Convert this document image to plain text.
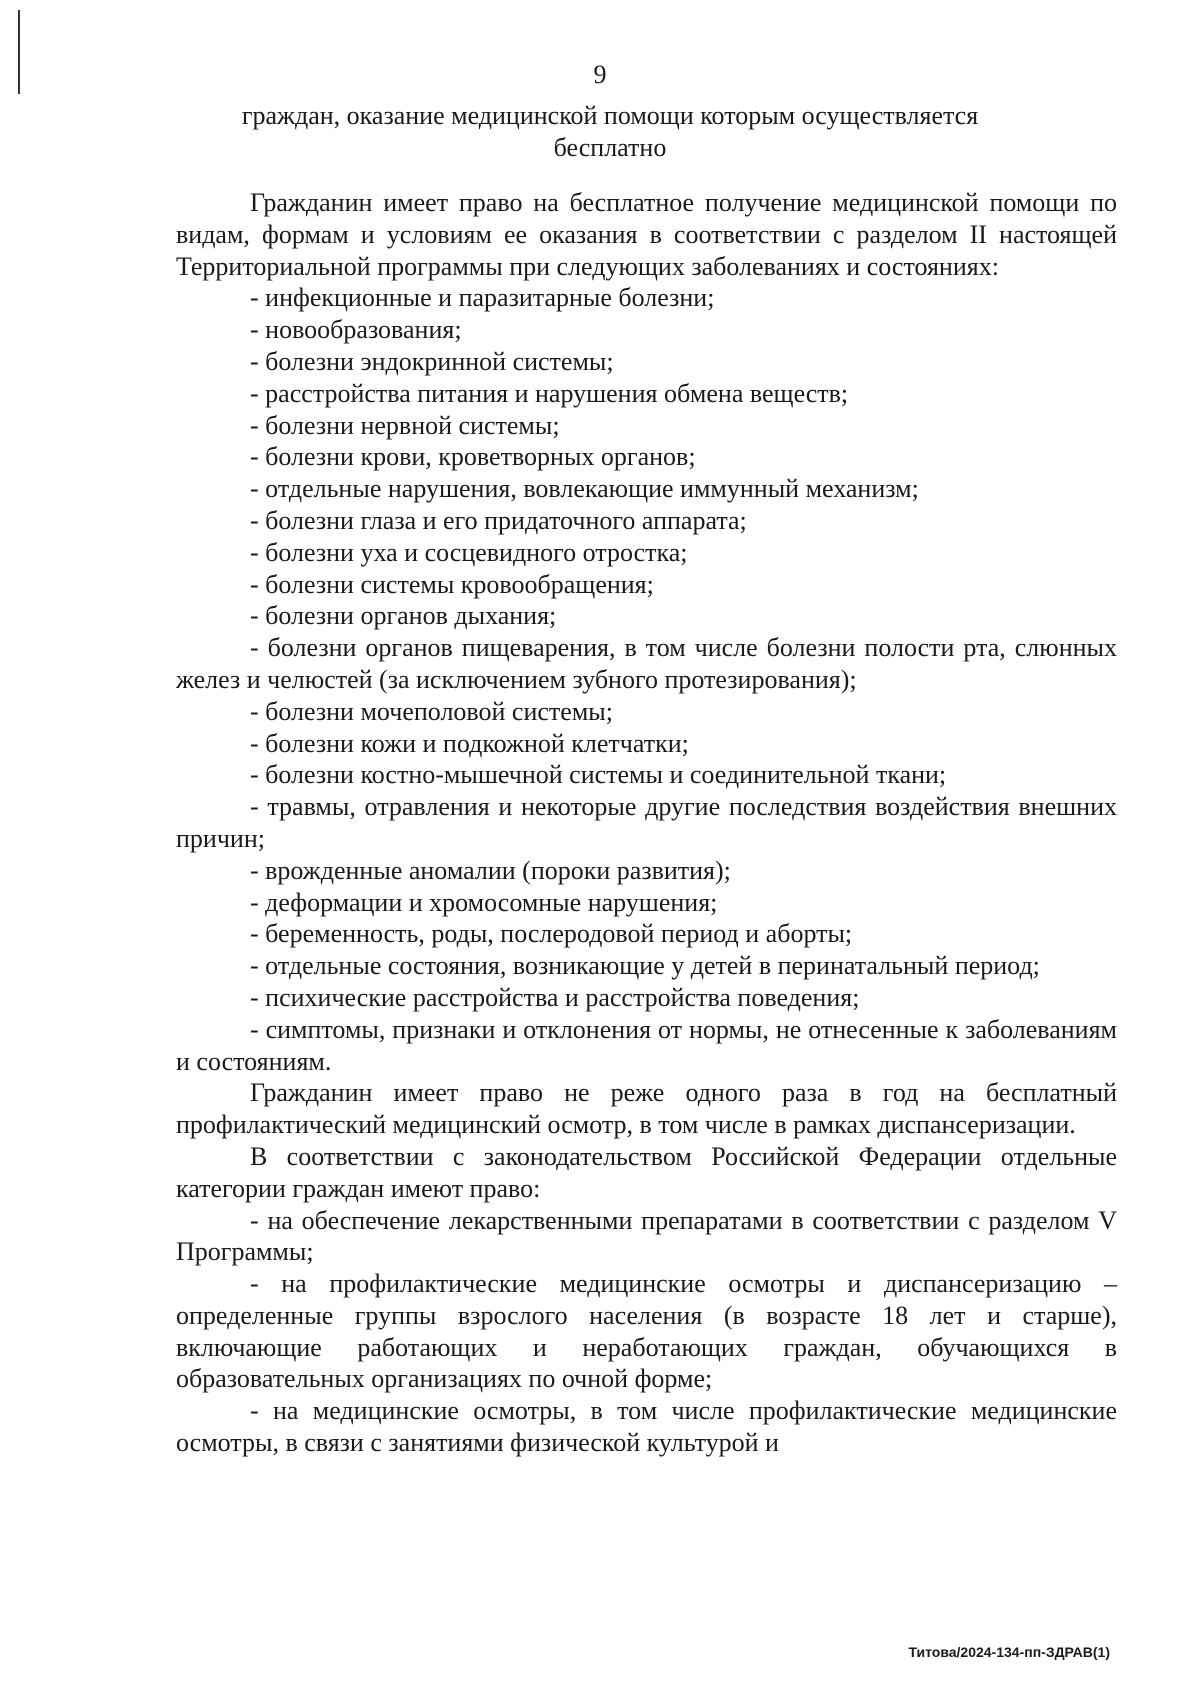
9
граждан, оказание медицинской помощи которым осуществляется
бесплатно

Гражданин имеет право на бесплатное получение медицинской помощи по видам, формам и условиям ее оказания в соответствии с разделом II настоящей Территориальной программы при следующих заболеваниях и состояниях:

- инфекционные и паразитарные болезни;

- новообразования;

- болезни эндокринной системы;

- расстройства питания и нарушения обмена веществ;

- болезни нервной системы;

- болезни крови, кроветворных органов;

- отдельные нарушения, вовлекающие иммунный механизм;

- болезни глаза и его придаточного аппарата;

- болезни уха и сосцевидного отростка;

- болезни системы кровообращения;

- болезни органов дыхания;

- болезни органов пищеварения, в том числе болезни полости рта, слюнных желез и челюстей (за исключением зубного протезирования);

- болезни мочеполовой системы;

- болезни кожи и подкожной клетчатки;

- болезни костно-мышечной системы и соединительной ткани;

- травмы, отравления и некоторые другие последствия воздействия внешних причин;

- врожденные аномалии (пороки развития);

- деформации и хромосомные нарушения;

- беременность, роды, послеродовой период и аборты;

- отдельные состояния, возникающие у детей в перинатальный период;

- психические расстройства и расстройства поведения;

- симптомы, признаки и отклонения от нормы, не отнесенные к заболеваниям и состояниям.

Гражданин имеет право не реже одного раза в год на бесплатный профилактический медицинский осмотр, в том числе в рамках диспансеризации.

В соответствии с законодательством Российской Федерации отдельные категории граждан имеют право:

- на обеспечение лекарственными препаратами в соответствии с разделом V Программы;

- на профилактические медицинские осмотры и диспансеризацию – определенные группы взрослого населения (в возрасте 18 лет и старше), включающие работающих и неработающих граждан, обучающихся в образовательных организациях по очной форме;

- на медицинские осмотры, в том числе профилактические медицинские осмотры, в связи с занятиями физической культурой и

Титова/2024-134-пп-ЗДРАВ(1)
